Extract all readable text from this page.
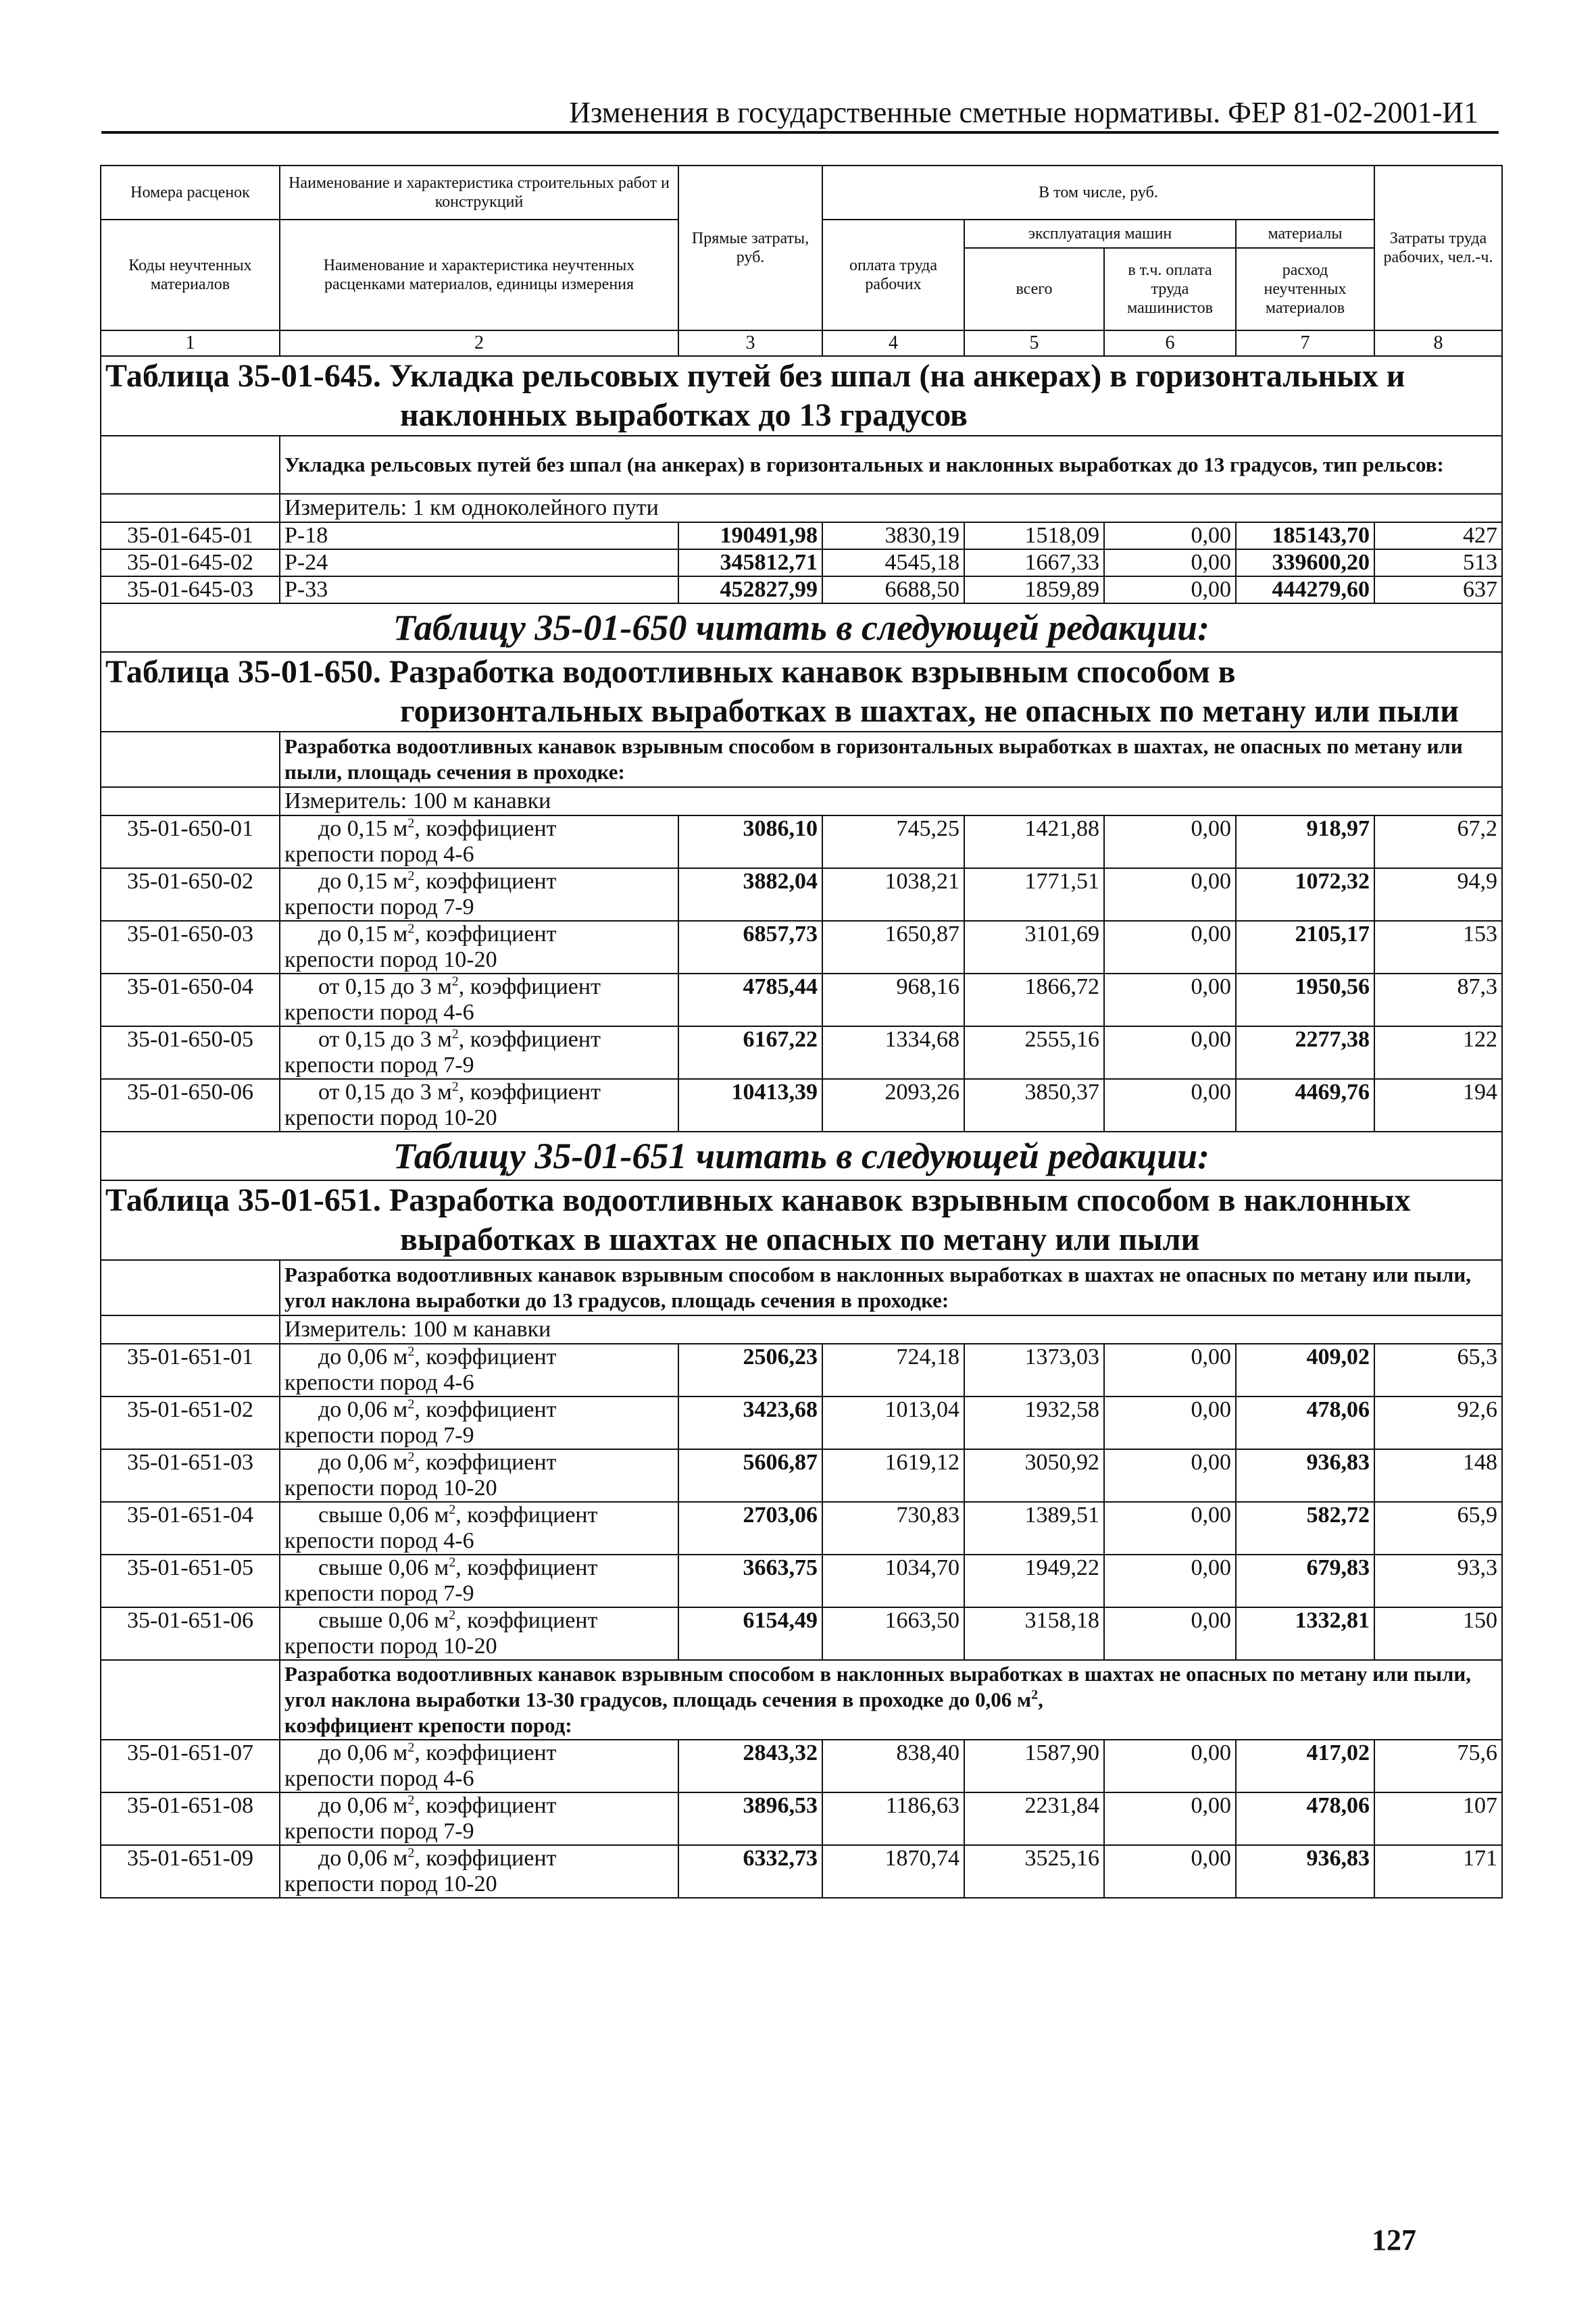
Изменения в государственные сметные нормативы. ФЕР 81-02-2001-И1
Номера расценок	Наименование и характеристика строительных работ и конструкций	Прямые затраты, руб.	В том числе, руб.				Затраты труда рабочих, чел.-ч.
Коды неучтенных материалов	Наименование и характеристика неучтенных расценками материалов, единицы измерения		оплата труда рабочих	эксплуатация машин		материалы	
				всего	в т.ч. оплата труда машинистов	расход неучтенных материалов	
1	2	3	4	5	6	7	8
Таблица 35-01-645. Укладка рельсовых путей без шпал (на анкерах) в горизонтальных и
наклонных выработках до 13 градусов							

	Укладка рельсовых путей без шпал (на анкерах) в горизонтальных и наклонных выработках до 13 градусов, тип рельсов:						
	Измеритель: 1 км одноколейного пути						
35-01-645-01	Р-18	190491,98	3830,19	1518,09	0,00	185143,70	427
35-01-645-02	Р-24	345812,71	4545,18	1667,33	0,00	339600,20	513
35-01-645-03	Р-33	452827,99	6688,50	1859,89	0,00	444279,60	637
Таблицу 35-01-650 читать в следующей редакции:							
Таблица 35-01-650. Разработка водоотливных канавок взрывным способом в
горизонтальных выработках в шахтах, не опасных по метану или пыли							

	Разработка водоотливных канавок взрывным способом в горизонтальных выработках в шахтах, не опасных по метану или пыли, площадь сечения в проходке:						
	Измеритель: 100 м канавки						
35-01-650-01	до 0,15 $м^2$, коэффициент
крепости пород 4-6	3086,10	745,25	1421,88	0,00	918,97	67,2
35-01-650-02	до 0,15 $м^2$, коэффициент
крепости пород 7-9	3882,04	1038,21	1771,51	0,00	1072,32	94,9
35-01-650-03	до 0,15 $м^2$, коэффициент
крепости пород 10-20	6857,73	1650,87	3101,69	0,00	2105,17	153
35-01-650-04	от 0,15 до 3 $м^2$, коэффициент
крепости пород 4-6	4785,44	968,16	1866,72	0,00	1950,56	87,3
35-01-650-05	от 0,15 до 3 $м^2$, коэффициент
крепости пород 7-9	6167,22	1334,68	2555,16	0,00	2277,38	122
35-01-650-06	от 0,15 до 3 $м^2$, коэффициент
крепости пород 10-20	10413,39	2093,26	3850,37	0,00	4469,76	194
Таблицу 35-01-651 читать в следующей редакции:							
Таблица 35-01-651. Разработка водоотливных канавок взрывным способом в наклонных
выработках в шахтах не опасных по метану или пыли							

	Разработка водоотливных канавок взрывным способом в наклонных выработках в шахтах не опасных по метану или пыли, угол наклона выработки до 13 градусов, площадь сечения в проходке:						
	Измеритель: 100 м канавки						
35-01-651-01	до 0,06 $м^2$, коэффициент
крепости пород 4-6	2506,23	724,18	1373,03	0,00	409,02	65,3
35-01-651-02	до 0,06 $м^2$, коэффициент
крепости пород 7-9	3423,68	1013,04	1932,58	0,00	478,06	92,6
35-01-651-03	до 0,06 $м^2$, коэффициент
крепости пород 10-20	5606,87	1619,12	3050,92	0,00	936,83	148
35-01-651-04	свыше 0,06 $м^2$, коэффициент
крепости пород 4-6	2703,06	730,83	1389,51	0,00	582,72	65,9
35-01-651-05	свыше 0,06 $м^2$, коэффициент
крепости пород 7-9	3663,75	1034,70	1949,22	0,00	679,83	93,3
35-01-651-06	свыше 0,06 $м^2$, коэффициент
крепости пород 10-20	6154,49	1663,50	3158,18	0,00	1332,81	150
	Разработка водоотливных канавок взрывным способом в наклонных выработках в шахтах не опасных по метану или пыли, угол наклона выработки 13-30 градусов, площадь сечения в проходке до 0,06 $м^2$,
коэффициент крепости пород:						
35-01-651-07	до 0,06 $м^2$, коэффициент
крепости пород 4-6	2843,32	838,40	1587,90	0,00	417,02	75,6
35-01-651-08	до 0,06 $м^2$, коэффициент
крепости пород 7-9	3896,53	1186,63	2231,84	0,00	478,06	107
35-01-651-09	до 0,06 $м^2$, коэффициент
крепости пород 10-20	6332,73	1870,74	3525,16	0,00	936,83	171
127
